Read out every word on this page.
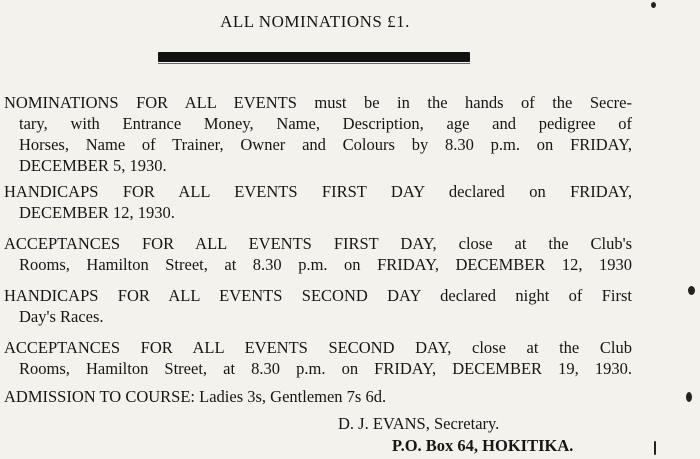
ALL NOMINATIONS £1.

NOMINATIONS FOR ALL EVENTS must be in the hands of the Secre-
tary, with Entrance Money, Name, Description, age and pedigree of
Horses, Name of Trainer, Owner and Colours by 8.30 p.m. on FRIDAY,
DECEMBER 5, 1930.

HANDICAPS FOR ALL EVENTS FIRST DAY declared on FRIDAY,
DECEMBER 12, 1930.

ACCEPTANCES FOR ALL EVENTS FIRST DAY, close at the Club's
Rooms, Hamilton Street, at 8.30 p.m. on FRIDAY, DECEMBER 12, 1930

HANDICAPS FOR ALL EVENTS SECOND DAY declared night of First
Day's Races.

ACCEPTANCES FOR ALL EVENTS SECOND DAY, close at the Club
Rooms, Hamilton Street, at 8.30 p.m. on FRIDAY, DECEMBER 19, 1930.

ADMISSION TO COURSE: Ladies 3s, Gentlemen 7s 6d.

D. J. EVANS, Secretary.
P.O. Box 64, HOKITIKA.
